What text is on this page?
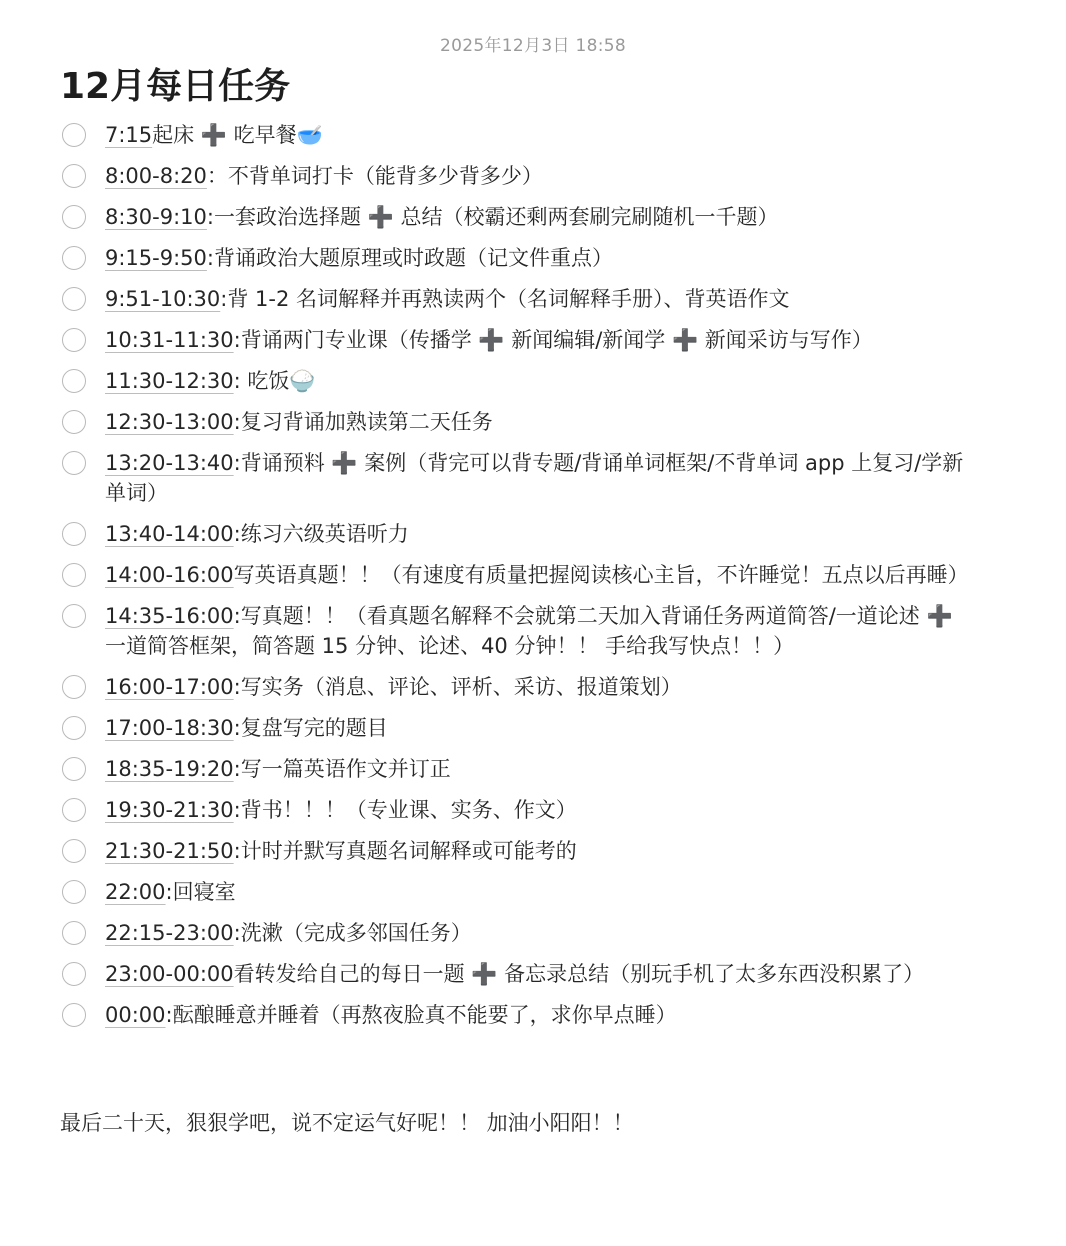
2025年12月3日 18:58
12月每日任务
7:15起床 ➕ 吃早餐🥣
8:00-8:20：不背单词打卡（能背多少背多少）
8:30-9:10:一套政治选择题 ➕ 总结（校霸还剩两套刷完刷随机一千题）
9:15-9:50:背诵政治大题原理或时政题（记文件重点）
9:51-10:30:背 1-2 名词解释并再熟读两个（名词解释手册）、背英语作文
10:31-11:30:背诵两门专业课（传播学 ➕ 新闻编辑/新闻学 ➕ 新闻采访与写作）
11:30-12:30: 吃饭🍚
12:30-13:00:复习背诵加熟读第二天任务
13:20-13:40:背诵预料 ➕ 案例（背完可以背专题/背诵单词框架/不背单词 app 上复习/学新单词）
13:40-14:00:练习六级英语听力
14:00-16:00写英语真题！！（有速度有质量把握阅读核心主旨，不许睡觉！五点以后再睡）
14:35-16:00:写真题！！（看真题名解释不会就第二天加入背诵任务两道简答/一道论述 ➕ 一道简答框架，简答题 15 分钟、论述、40 分钟！！ 手给我写快点！！）
16:00-17:00:写实务（消息、评论、评析、采访、报道策划）
17:00-18:30:复盘写完的题目
18:35-19:20:写一篇英语作文并订正
19:30-21:30:背书！！！（专业课、实务、作文）
21:30-21:50:计时并默写真题名词解释或可能考的
22:00:回寝室
22:15-23:00:洗漱（完成多邻国任务）
23:00-00:00看转发给自己的每日一题 ➕ 备忘录总结（别玩手机了太多东西没积累了）
00:00:酝酿睡意并睡着（再熬夜脸真不能要了，求你早点睡）
最后二十天，狠狠学吧，说不定运气好呢！！ 加油小阳阳！！
